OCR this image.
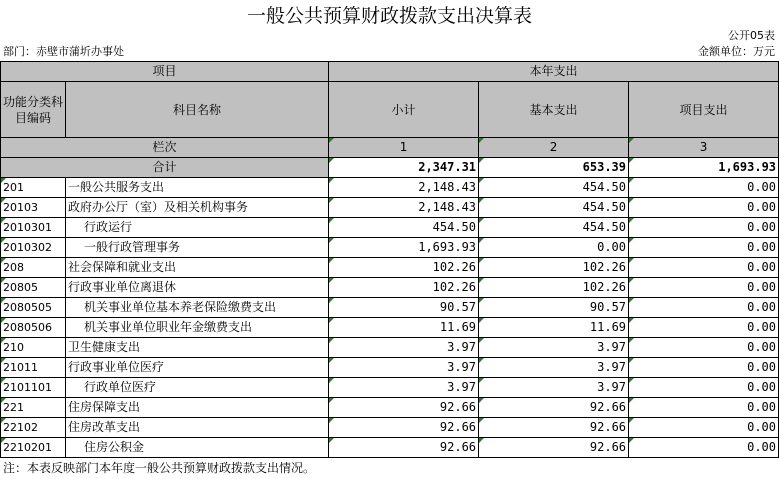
一般公共预算财政拨款支出决算表
公开05表
部门：赤壁市蒲圻办事处	金额单位：万元
项目		本年支出		
功能分类科目编码	科目名称	小计	基本支出	项目支出
栏次		1	2	3
合计		2,347.31	653.39	1,693.93
201	一般公共服务支出	2,148.43	454.50	0.00
20103	政府办公厅（室）及相关机构事务	2,148.43	454.50	0.00
2010301	行政运行	454.50	454.50	0.00
2010302	一般行政管理事务	1,693.93	0.00	0.00
208	社会保障和就业支出	102.26	102.26	0.00
20805	行政事业单位离退休	102.26	102.26	0.00
2080505	机关事业单位基本养老保险缴费支出	90.57	90.57	0.00
2080506	机关事业单位职业年金缴费支出	11.69	11.69	0.00
210	卫生健康支出	3.97	3.97	0.00
21011	行政事业单位医疗	3.97	3.97	0.00
2101101	行政单位医疗	3.97	3.97	0.00
221	住房保障支出	92.66	92.66	0.00
22102	住房改革支出	92.66	92.66	0.00
2210201	住房公积金	92.66	92.66	0.00
注：本表反映部门本年度一般公共预算财政拨款支出情况。
